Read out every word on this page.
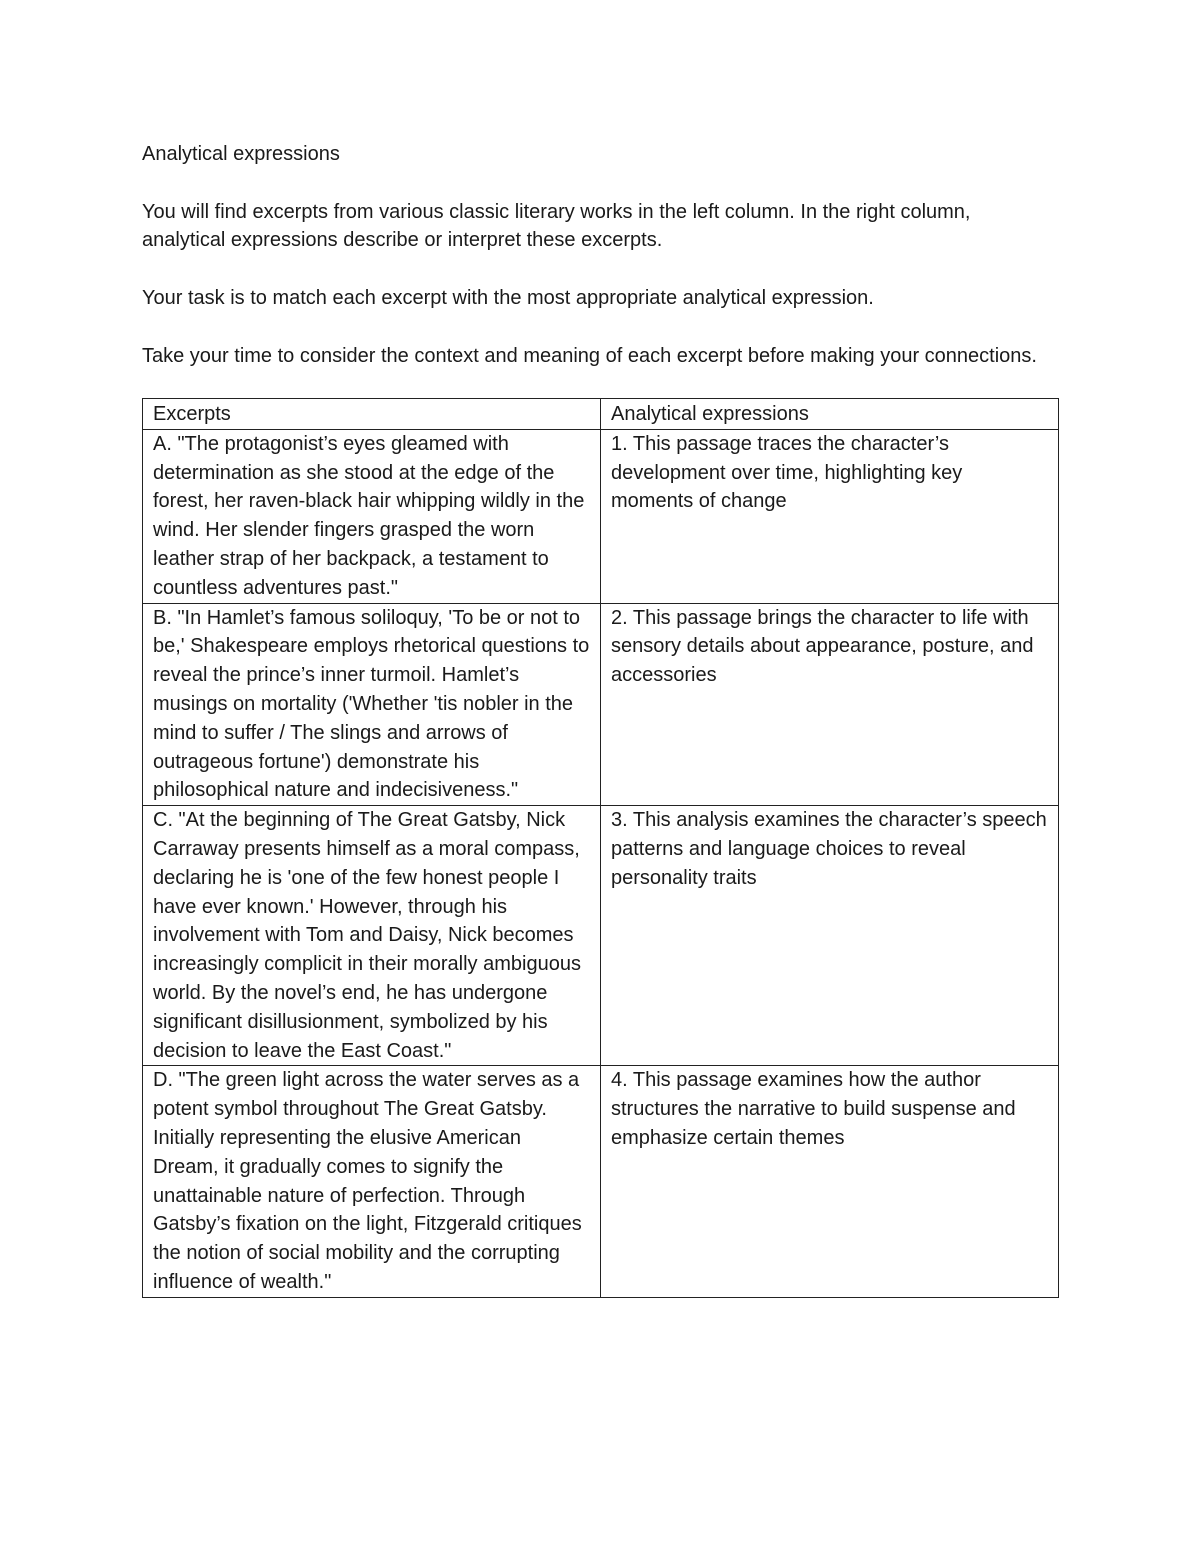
Analytical expressions

You will find excerpts from various classic literary works in the left column. In the right column, analytical expressions describe or interpret these excerpts.

Your task is to match each excerpt with the most appropriate analytical expression.

Take your time to consider the context and meaning of each excerpt before making your connections.

Excerpts	Analytical expressions
A. "The protagonist’s eyes gleamed with determination as she stood at the edge of the forest, her raven-black hair whipping wildly in the wind. Her slender fingers grasped the worn leather strap of her backpack, a testament to countless adventures past."	1. This passage traces the character’s development over time, highlighting key moments of change
B. "In Hamlet’s famous soliloquy, 'To be or not to be,' Shakespeare employs rhetorical questions to reveal the prince’s inner turmoil. Hamlet’s musings on mortality ('Whether 'tis nobler in the mind to suffer / The slings and arrows of outrageous fortune') demonstrate his philosophical nature and indecisiveness."	2. This passage brings the character to life with sensory details about appearance, posture, and accessories
C. "At the beginning of The Great Gatsby, Nick Carraway presents himself as a moral compass, declaring he is 'one of the few honest people I have ever known.' However, through his involvement with Tom and Daisy, Nick becomes increasingly complicit in their morally ambiguous world. By the novel’s end, he has undergone significant disillusionment, symbolized by his decision to leave the East Coast."	3. This analysis examines the character’s speech patterns and language choices to reveal personality traits
D. "The green light across the water serves as a potent symbol throughout The Great Gatsby. Initially representing the elusive American Dream, it gradually comes to signify the unattainable nature of perfection. Through Gatsby’s fixation on the light, Fitzgerald critiques the notion of social mobility and the corrupting influence of wealth."	4. This passage examines how the author structures the narrative to build suspense and emphasize certain themes
